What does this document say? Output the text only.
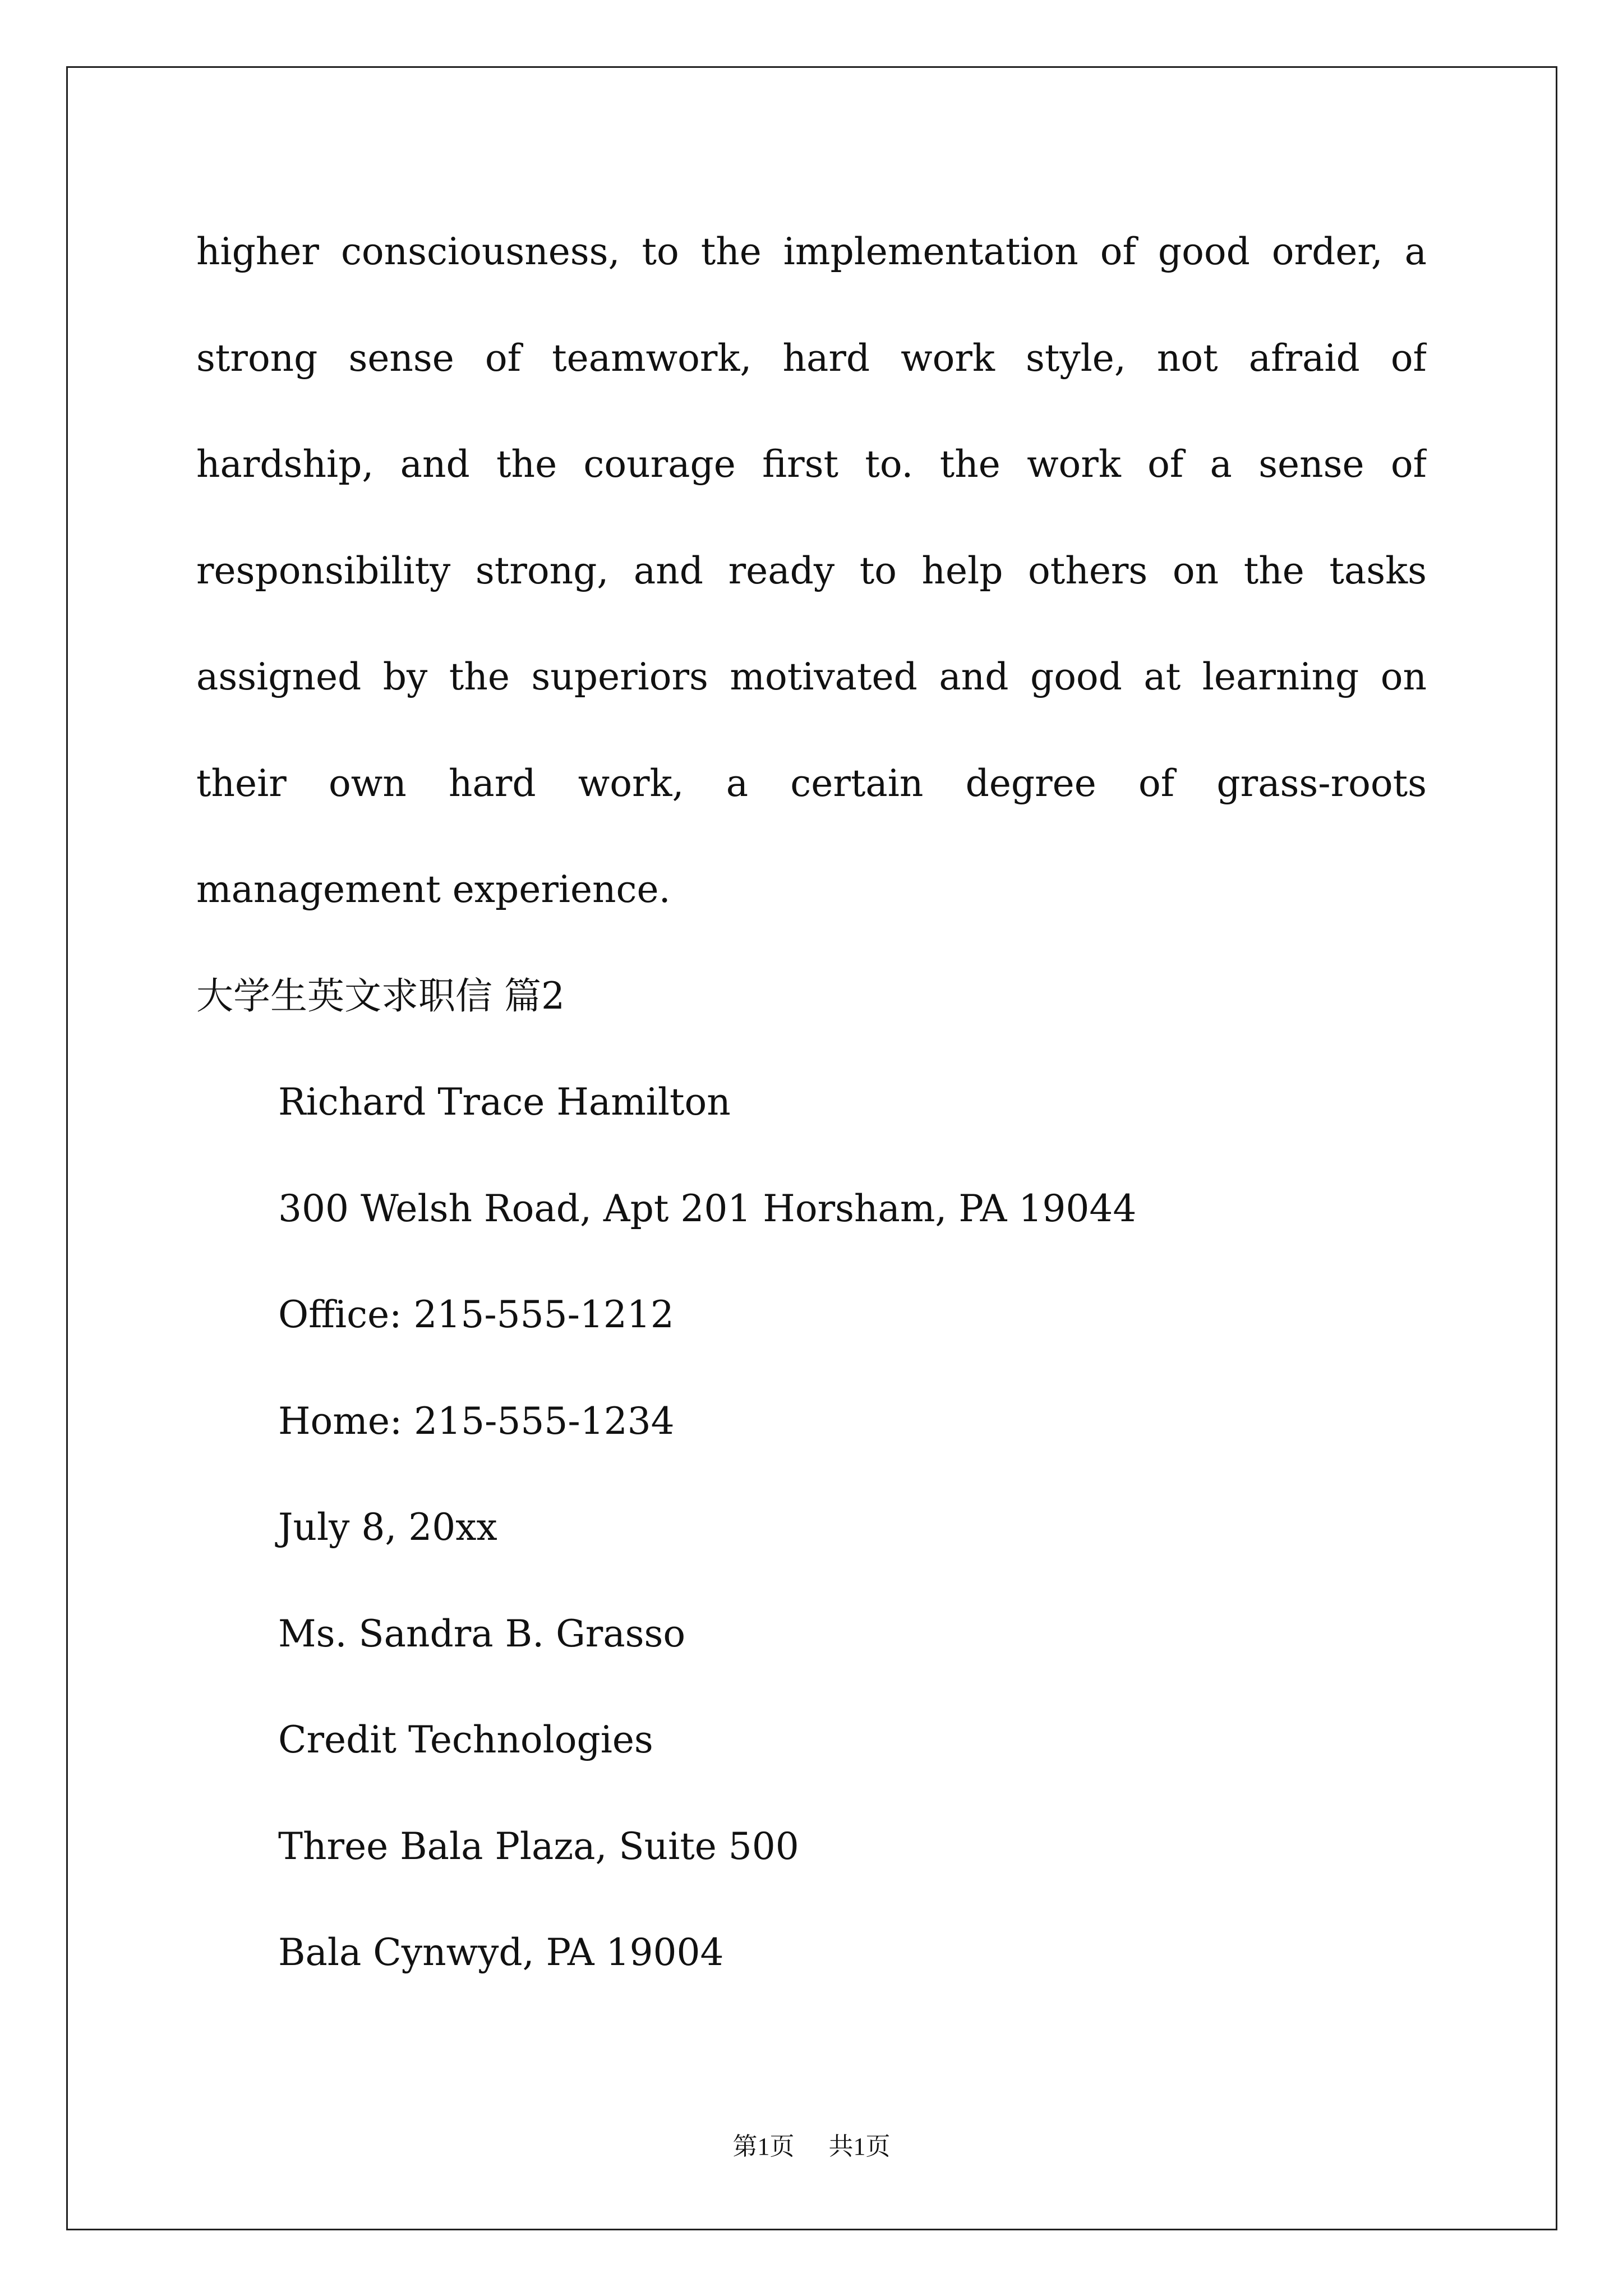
higher consciousness, to the implementation of good order, a
strong sense of teamwork, hard work style, not afraid of
hardship, and the courage first to. the work of a sense of
responsibility strong, and ready to help others on the tasks
assigned by the superiors motivated and good at learning on
their own hard work, a certain degree of grass-roots
management experience.
大学生英文求职信 篇2
Richard Trace Hamilton
300 Welsh Road, Apt 201 Horsham, PA 19044
Office: 215-555-1212
Home: 215-555-1234
July 8, 20xx
Ms. Sandra B. Grasso
Credit Technologies
Three Bala Plaza, Suite 500
Bala Cynwyd, PA 19004
第1页 共1页
